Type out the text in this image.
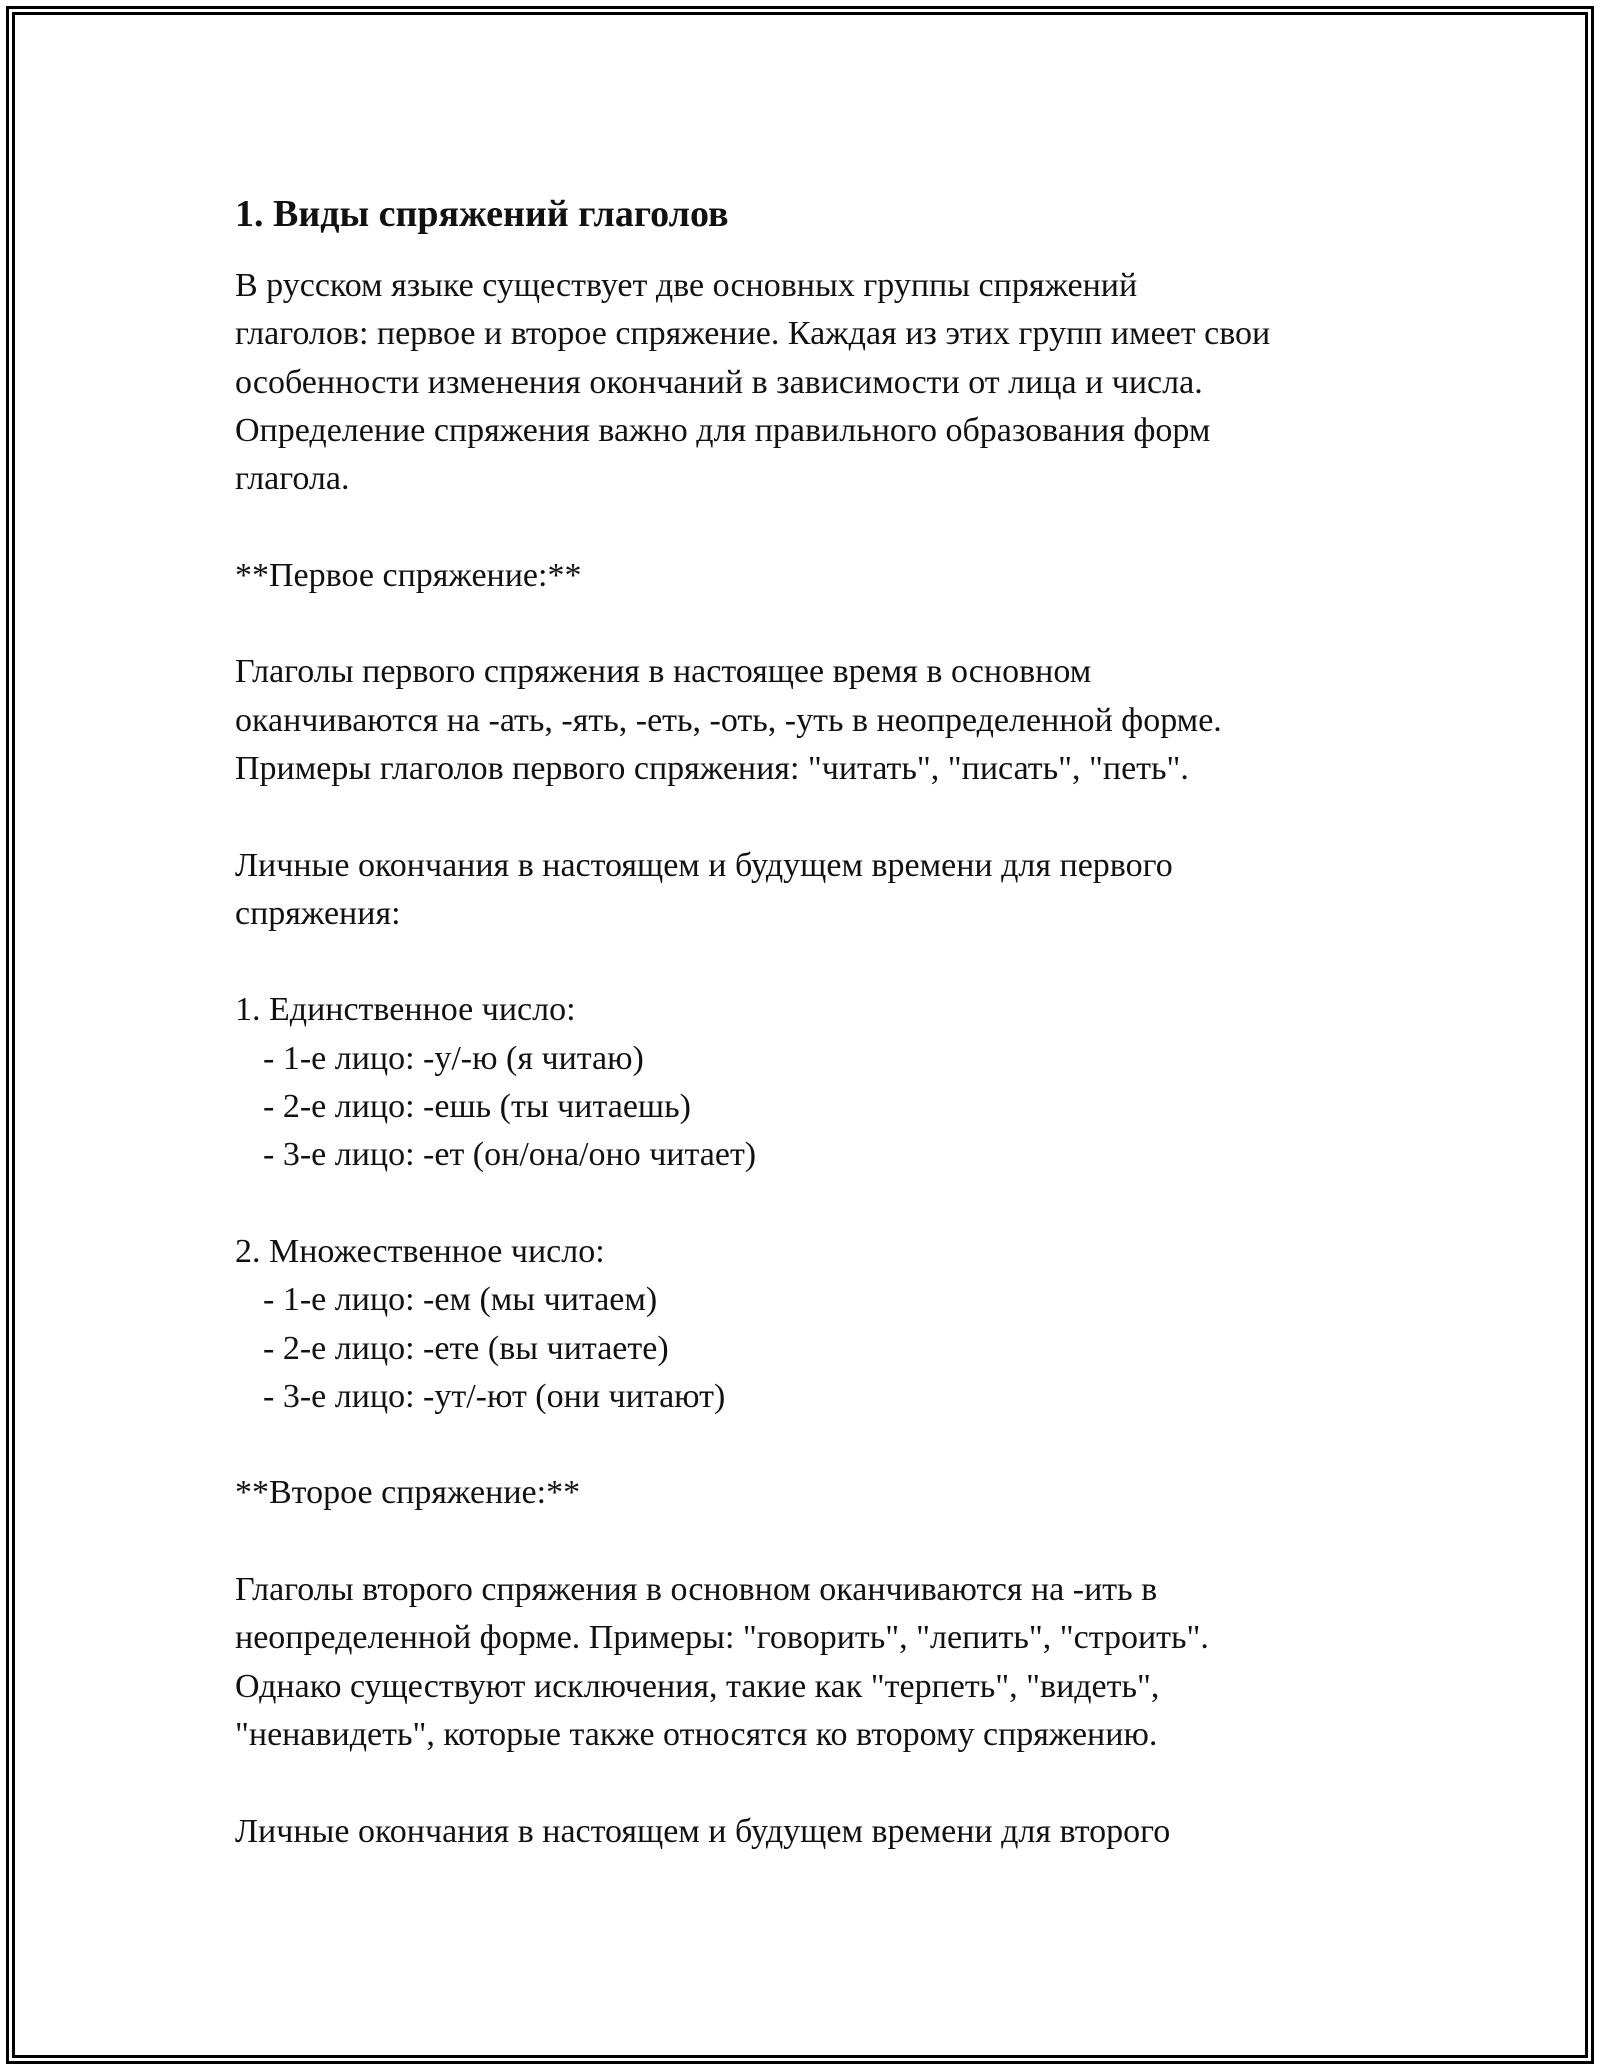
1. Виды спряжений глаголов
В русском языке существует две основных группы спряжений
глаголов: первое и второе спряжение. Каждая из этих групп имеет свои
особенности изменения окончаний в зависимости от лица и числа.
Определение спряжения важно для правильного образования форм
глагола.
**Первое спряжение:**
Глаголы первого спряжения в настоящее время в основном
оканчиваются на -ать, -ять, -еть, -оть, -уть в неопределенной форме.
Примеры глаголов первого спряжения: "читать", "писать", "петь".
Личные окончания в настоящем и будущем времени для первого
спряжения:
1. Единственное число:
- 1-е лицо: -у/-ю (я читаю)
- 2-е лицо: -ешь (ты читаешь)
- 3-е лицо: -ет (он/она/оно читает)
2. Множественное число:
- 1-е лицо: -ем (мы читаем)
- 2-е лицо: -ете (вы читаете)
- 3-е лицо: -ут/-ют (они читают)
**Второе спряжение:**
Глаголы второго спряжения в основном оканчиваются на -ить в
неопределенной форме. Примеры: "говорить", "лепить", "строить".
Однако существуют исключения, такие как "терпеть", "видеть",
"ненавидеть", которые также относятся ко второму спряжению.
Личные окончания в настоящем и будущем времени для второго
